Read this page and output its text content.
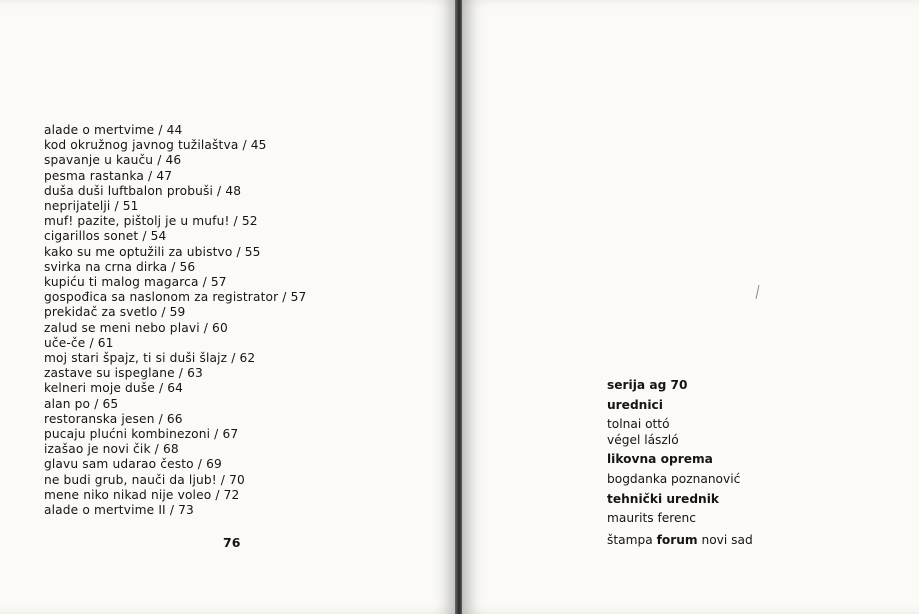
alade o mertvime / 44
kod okružnog javnog tužilaštva / 45
spavanje u kauču / 46
pesma rastanka / 47
duša duši luftbalon probuši / 48
neprijatelji / 51
muf! pazite, pištolj je u mufu! / 52
cigarillos sonet / 54
kako su me optužili za ubistvo / 55
svirka na crna dirka / 56
kupiću ti malog magarca / 57
gospođica sa naslonom za registrator / 57
prekidač za svetlo / 59
zalud se meni nebo plavi / 60
uče-če / 61
moj stari špajz, ti si duši šlajz / 62
zastave su ispeglane / 63
kelneri moje duše / 64
alan po / 65
restoranska jesen / 66
pucaju plućni kombinezoni / 67
izašao je novi čik / 68
glavu sam udarao često / 69
ne budi grub, nauči da ljub! / 70
mene niko nikad nije voleo / 72
alade o mertvime II / 73
76
serija ag 70
urednici
tolnai ottó
végel lászló
likovna oprema
bogdanka poznanović
tehnički urednik
maurits ferenc
štampa forum novi sad
